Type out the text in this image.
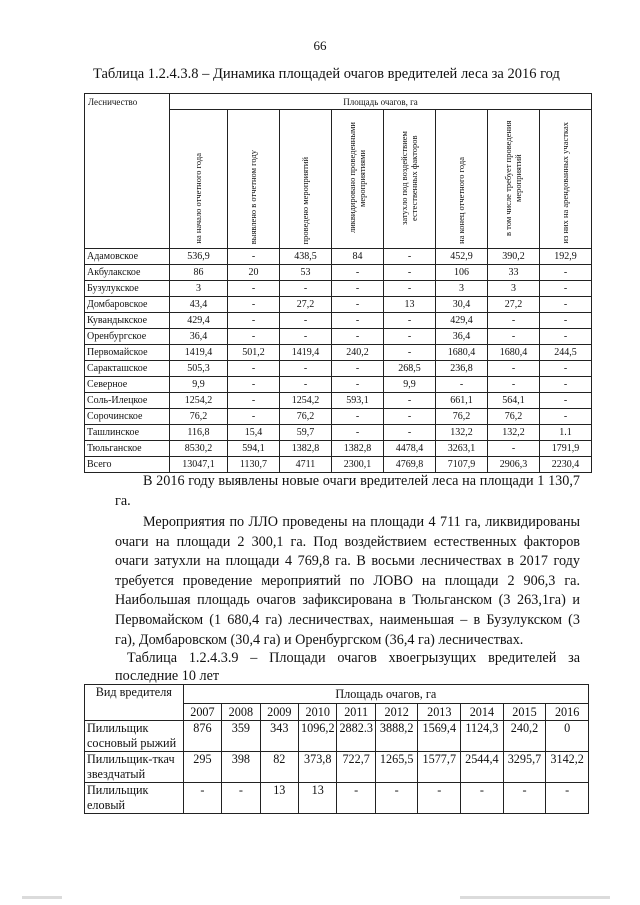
66
Таблица 1.2.4.3.8 – Динамика площадей очагов вредителей леса за 2016 год
Лесничество	Площадь очагов, га							
	на начало отчетного года	выявлено в отчетном году	проведено мероприятий	ликвидировано проведенными мероприятиями	затухло под воздействием естественных факторов	на конец отчетного года	в том числе требует проведения мероприятий	из них на арендованных участках
Адамовское	536,9	-	438,5	84	-	452,9	390,2	192,9
Акбулакское	86	20	53	-	-	106	33	-
Бузулукское	3	-	-	-	-	3	3	-
Домбаровское	43,4	-	27,2	-	13	30,4	27,2	-
Кувандыкское	429,4	-	-	-	-	429,4	-	-
Оренбургское	36,4	-	-	-	-	36,4	-	-
Первомайское	1419,4	501,2	1419,4	240,2	-	1680,4	1680,4	244,5
Саракташское	505,3	-	-	-	268,5	236,8	-	-
Северное	9,9	-	-	-	9,9	-	-	-
Соль-Илецкое	1254,2	-	1254,2	593,1	-	661,1	564,1	-
Сорочинское	76,2	-	76,2	-	-	76,2	76,2	-
Ташлинское	116,8	15,4	59,7	-	-	132,2	132,2	1.1
Тюльганское	8530,2	594,1	1382,8	1382,8	4478,4	3263,1	-	1791,9
Всего	13047,1	1130,7	4711	2300,1	4769,8	7107,9	2906,3	2230,4
В 2016 году выявлены новые очаги вредителей леса на площади 1 130,7 га.
Мероприятия по ЛЛО проведены на площади 4 711 га, ликвидированы очаги на площади 2 300,1 га. Под воздействием естественных факторов очаги затухли на площади 4 769,8 га. В восьми лесничествах в 2017 году требуется проведение мероприятий по ЛОВО на площади 2 906,3 га. Наибольшая площадь очагов зафиксирована в Тюльганском (3 263,1га) и Первомайском (1 680,4 га) лесничествах, наименьшая – в Бузулукском (3 га), Домбаровском (30,4 га) и Оренбургском (36,4 га) лесничествах.
Таблица 1.2.4.3.9 – Площади очагов хвоегрызущих вредителей за последние 10 лет
Вид вредителя	Площадь очагов, га									
	2007	2008	2009	2010	2011	2012	2013	2014	2015	2016
Пилильщик сосновый рыжий	876	359	343	1096,2	2882.3	3888,2	1569,4	1124,3	240,2	0
Пилильщик-ткач звездчатый	295	398	82	373,8	722,7	1265,5	1577,7	2544,4	3295,7	3142,2
Пилильщик еловый	-	-	13	13	-	-	-	-	-	-
